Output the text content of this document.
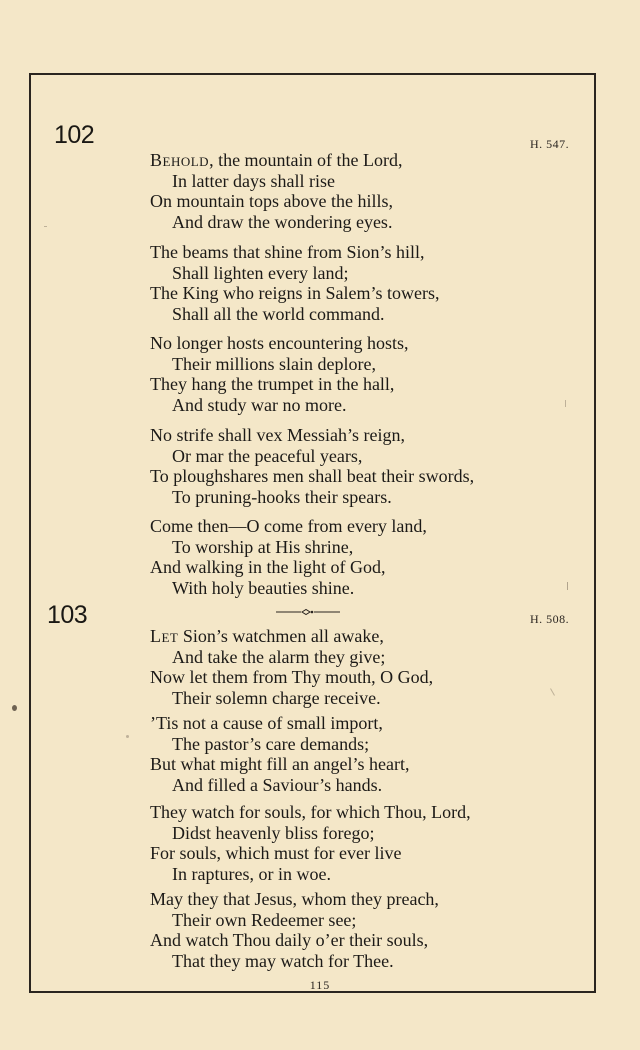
102	H. 547.
Behold, the mountain of the Lord,
In latter days shall rise
On mountain tops above the hills,
And draw the wondering eyes.
The beams that shine from Sion’s hill,
Shall lighten every land;
The King who reigns in Salem’s towers,
Shall all the world command.
No longer hosts encountering hosts,
Their millions slain deplore,
They hang the trumpet in the hall,
And study war no more.
No strife shall vex Messiah’s reign,
Or mar the peaceful years,
To ploughshares men shall beat their swords,
To pruning-hooks their spears.
Come then—O come from every land,
To worship at His shrine,
And walking in the light of God,
With holy beauties shine.
103	H. 508.
Let Sion’s watchmen all awake,
And take the alarm they give;
Now let them from Thy mouth, O God,
Their solemn charge receive.
’Tis not a cause of small import,
The pastor’s care demands;
But what might fill an angel’s heart,
And filled a Saviour’s hands.
They watch for souls, for which Thou, Lord,
Didst heavenly bliss forego;
For souls, which must for ever live
In raptures, or in woe.
May they that Jesus, whom they preach,
Their own Redeemer see;
And watch Thou daily o’er their souls,
That they may watch for Thee.
115
